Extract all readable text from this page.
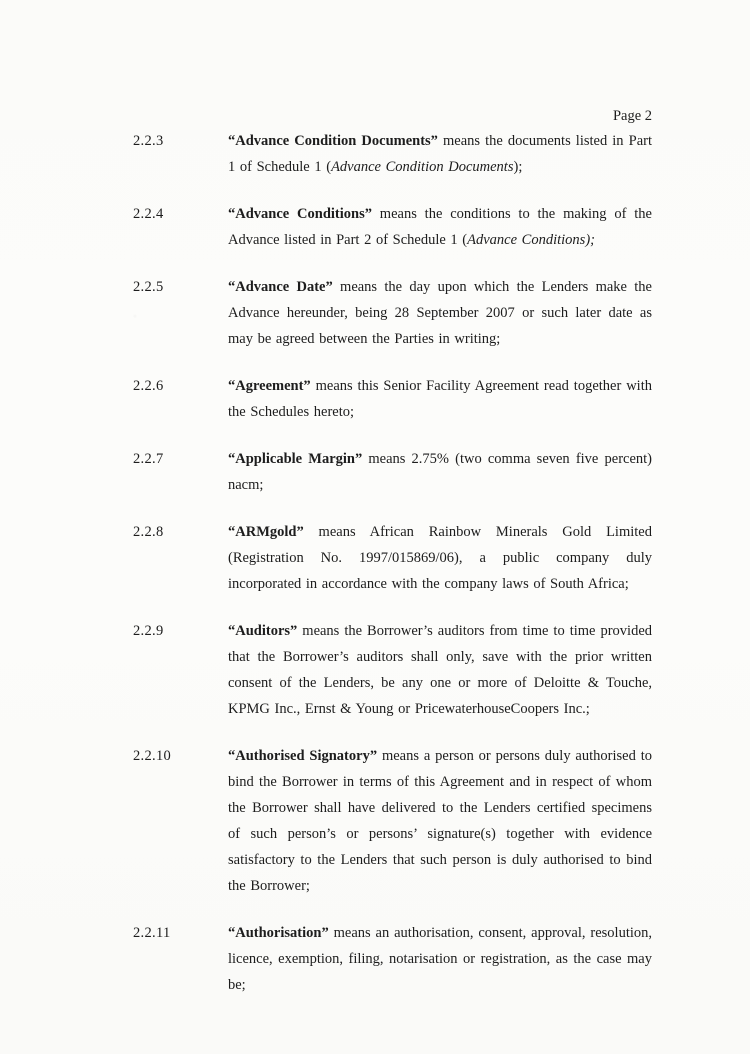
Page 2
2.2.3	“Advance Condition Documents” means the documents listed in Part 1 of Schedule 1 (Advance Condition Documents);
2.2.4	“Advance Conditions” means the conditions to the making of the Advance listed in Part 2 of Schedule 1 (Advance Conditions);
2.2.5	“Advance Date” means the day upon which the Lenders make the Advance hereunder, being 28 September 2007 or such later date as may be agreed between the Parties in writing;
2.2.6	“Agreement” means this Senior Facility Agreement read together with the Schedules hereto;
2.2.7	“Applicable Margin” means 2.75% (two comma seven five percent) nacm;
2.2.8	“ARMgold” means African Rainbow Minerals Gold Limited (Registration No. 1997/015869/06), a public company duly incorporated in accordance with the company laws of South Africa;
2.2.9	“Auditors” means the Borrower’s auditors from time to time provided that the Borrower’s auditors shall only, save with the prior written consent of the Lenders, be any one or more of Deloitte & Touche, KPMG Inc., Ernst & Young or PricewaterhouseCoopers Inc.;
2.2.10	“Authorised Signatory” means a person or persons duly authorised to bind the Borrower in terms of this Agreement and in respect of whom the Borrower shall have delivered to the Lenders certified specimens of such person’s or persons’ signature(s) together with evidence satisfactory to the Lenders that such person is duly authorised to bind the Borrower;
2.2.11	“Authorisation” means an authorisation, consent, approval, resolution, licence, exemption, filing, notarisation or registration, as the case may be;
